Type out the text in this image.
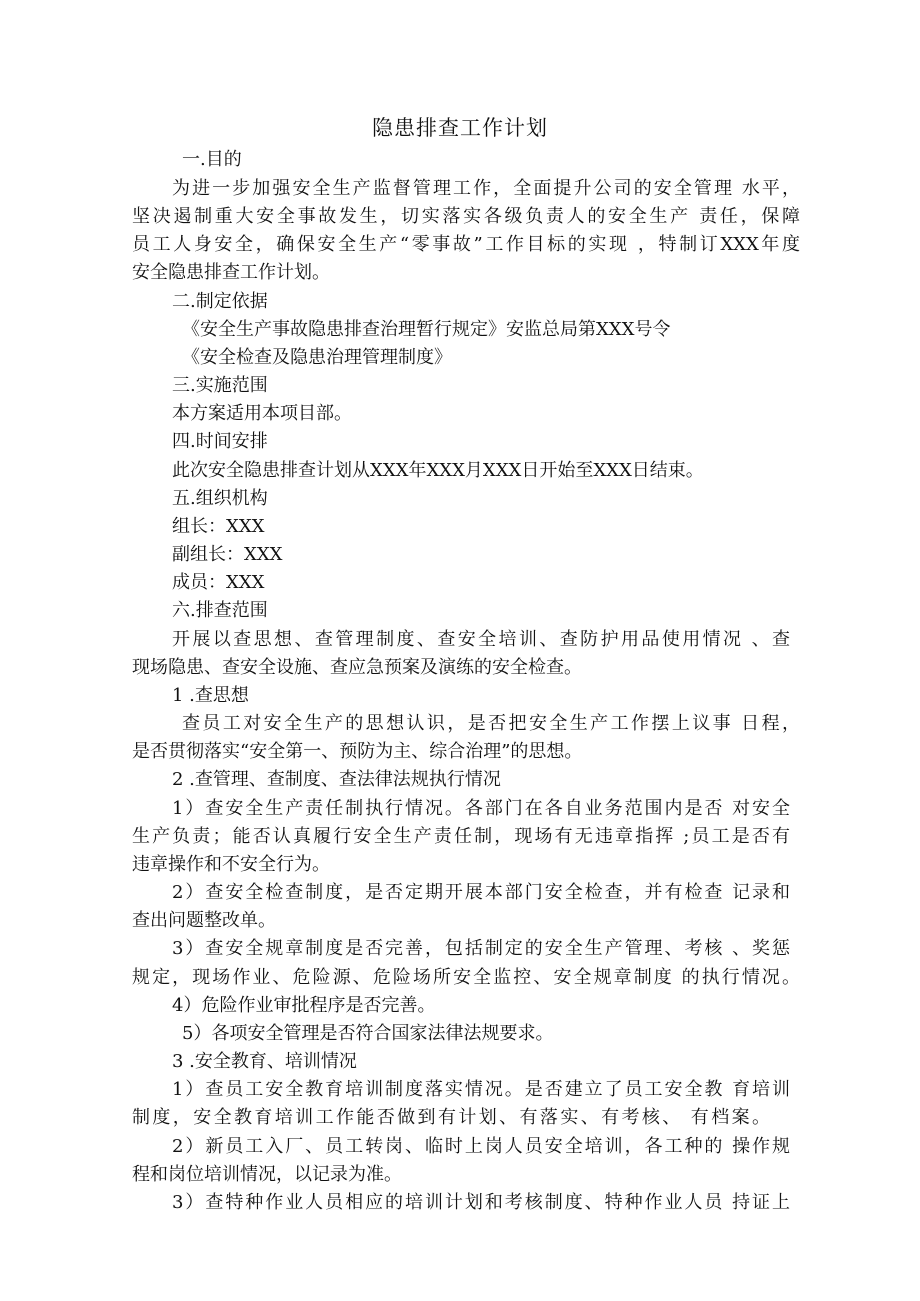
隐患排查工作计划
一.目的
为进一步加强安全生产监督管理工作，全面提升公司的安全管理 水平，
坚决遏制重大安全事故发生，切实落实各级负责人的安全生产 责任，保障
员工人身安全，确保安全生产“零事故”工作目标的实现 ，特制订XXX年度
安全隐患排查工作计划。
二.制定依据
《安全生产事故隐患排查治理暂行规定》安监总局第XXX号令
《安全检查及隐患治理管理制度》
三.实施范围
本方案适用本项目部。
四.时间安排
此次安全隐患排查计划从XXX年XXX月XXX日开始至XXX日结束。
五.组织机构
组长：XXX
副组长：XXX
成员：XXX
六.排查范围
开展以查思想、查管理制度、查安全培训、查防护用品使用情况 、查
现场隐患、查安全设施、查应急预案及演练的安全检查。
1 .查思想
查员工对安全生产的思想认识，是否把安全生产工作摆上议事 日程，
是否贯彻落实“安全第一、预防为主、综合治理”的思想。
2 .查管理、查制度、查法律法规执行情况
1）查安全生产责任制执行情况。各部门在各自业务范围内是否 对安全
生产负责；能否认真履行安全生产责任制，现场有无违章指挥 ;员工是否有
违章操作和不安全行为。
2）查安全检查制度，是否定期开展本部门安全检查，并有检查 记录和
查出问题整改单。
3）查安全规章制度是否完善，包括制定的安全生产管理、考核 、奖惩
规定，现场作业、危险源、危险场所安全监控、安全规章制度 的执行情况。
4）危险作业审批程序是否完善。
5）各项安全管理是否符合国家法律法规要求。
3 .安全教育、培训情况
1）查员工安全教育培训制度落实情况。是否建立了员工安全教 育培训
制度，安全教育培训工作能否做到有计划、有落实、有考核、 有档案。
2）新员工入厂、员工转岗、临时上岗人员安全培训，各工种的 操作规
程和岗位培训情况，以记录为准。
3）查特种作业人员相应的培训计划和考核制度、特种作业人员 持证上
